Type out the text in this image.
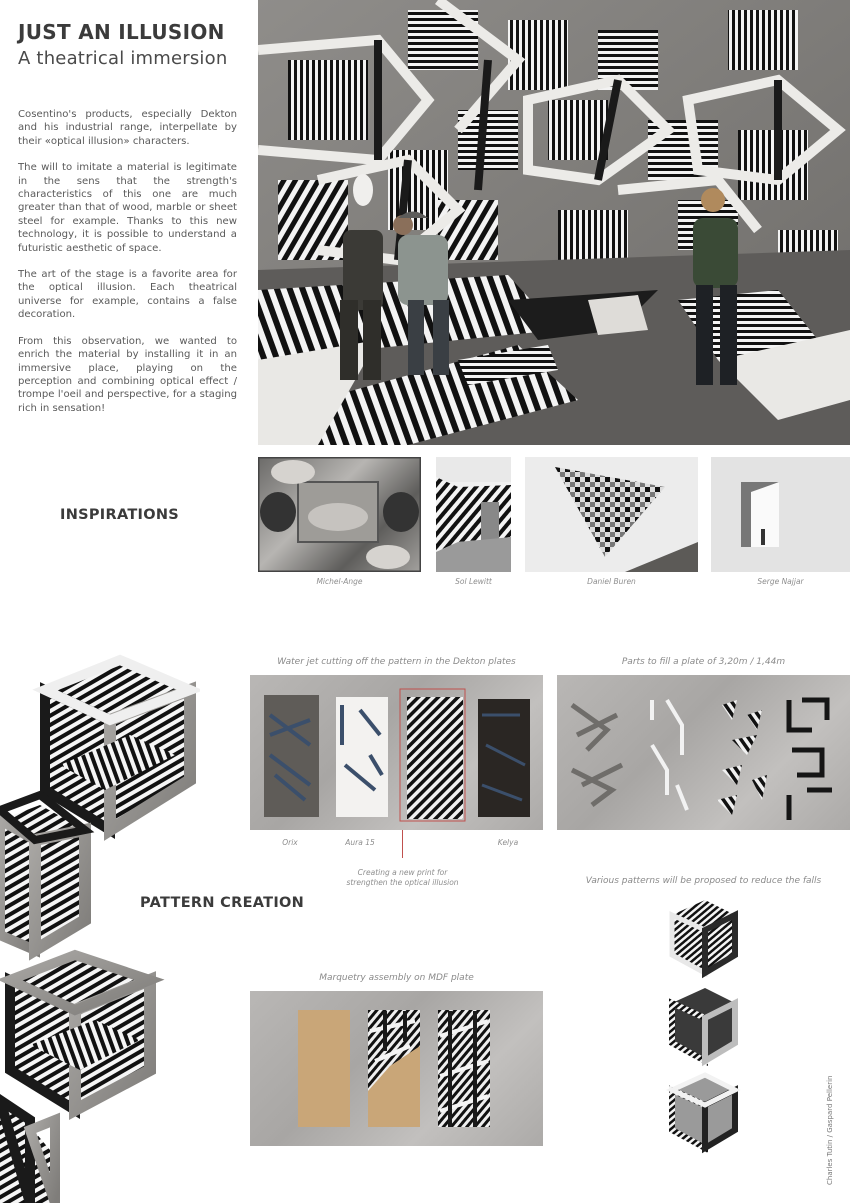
JUST AN ILLUSION
A theatrical immersion

Cosentino's products, especially Dekton and his industrial range, interpellate by their «optical illusion» characters.

The will to imitate a material is legitimate in the sens that the strength's characteristics of this one are much greater than that of wood, marble or sheet steel for example. Thanks to this new technology, it is possible to understand a futuristic aesthetic of space.

The art of the stage is a favorite area for the optical illusion. Each theatrical universe for example, contains a false decoration.

From this observation, we wanted to enrich the material by installing it in an immersive place, playing on the perception and combining optical effect / trompe l'oeil and perspective, for a staging rich in sensation!

INSPIRATIONS
Michel-Ange	Sol Lewitt	Daniel Buren	Serge Najjar
PATTERN CREATION
Water jet cutting off the pattern in the Dekton plates
Orix	Aura 15	Kelya
Creating a new print for
strengthen the optical illusion
Parts to fill a plate of 3,20m / 1,44m
Various patterns will be proposed to reduce the falls
Marquetry assembly on MDF plate
Charles Tutin / Gaspard Pellerin
